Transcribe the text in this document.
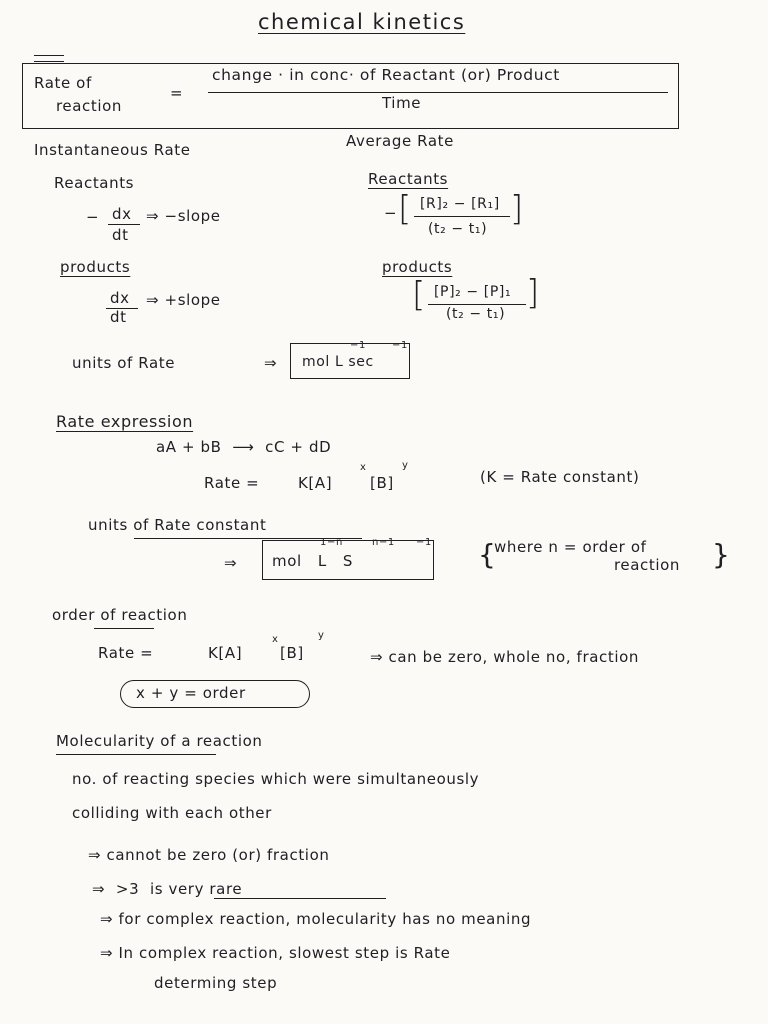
chemical kinetics
Rate of
reaction
=
change · in conc· of Reactant (or) Product
Time
Instantaneous Rate	Average Rate
Reactants
− dx
dt
⇒ −slope
products
dx
dt
⇒ +slope
Reactants
− [ [R]₂ − [R₁]
(t₂ − t₁) ]
products
[ [P]₂ − [P]₁
(t₂ − t₁)
]
units of Rate	⇒ mol L sec
−1	−1
Rate expression
aA + bB  ⟶  cC + dD
Rate =	K[A]
x
[B]
y
(K = Rate constant)
units of Rate constant
⇒ mol   L   S
1−n	n−1 −1 {
where n = order of
reaction }
order of reaction
Rate =	K[A]
x
[B]
y
⇒ can be zero, whole no, fraction
x + y = order
Molecularity of a reaction
no. of reacting species which were simultaneously
colliding with each other
⇒ cannot be zero (or) fraction
⇒  >3  is very rare
⇒ for complex reaction, molecularity has no meaning
⇒ In complex reaction, slowest step is Rate
determing step
